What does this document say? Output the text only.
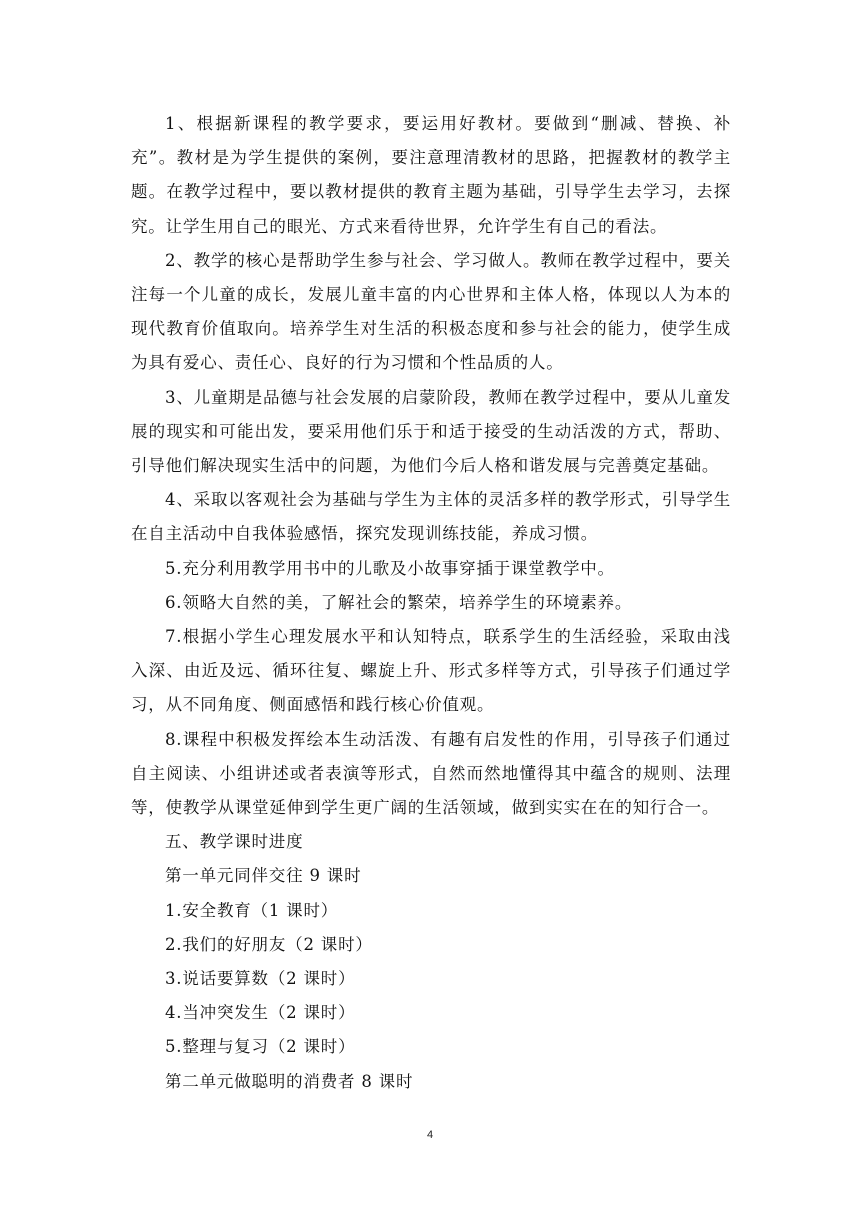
1、根据新课程的教学要求，要运用好教材。要做到“删减、替换、补充”。教材是为学生提供的案例，要注意理清教材的思路，把握教材的教学主题。在教学过程中，要以教材提供的教育主题为基础，引导学生去学习，去探究。让学生用自己的眼光、方式来看待世界，允许学生有自己的看法。

2、教学的核心是帮助学生参与社会、学习做人。教师在教学过程中，要关注每一个儿童的成长，发展儿童丰富的内心世界和主体人格，体现以人为本的现代教育价值取向。培养学生对生活的积极态度和参与社会的能力，使学生成为具有爱心、责任心、良好的行为习惯和个性品质的人。

3、儿童期是品德与社会发展的启蒙阶段，教师在教学过程中，要从儿童发展的现实和可能出发，要采用他们乐于和适于接受的生动活泼的方式，帮助、引导他们解决现实生活中的问题，为他们今后人格和谐发展与完善奠定基础。

4、采取以客观社会为基础与学生为主体的灵活多样的教学形式，引导学生在自主活动中自我体验感悟，探究发现训练技能，养成习惯。

5.充分利用教学用书中的儿歌及小故事穿插于课堂教学中。

6.领略大自然的美，了解社会的繁荣，培养学生的环境素养。

7.根据小学生心理发展水平和认知特点，联系学生的生活经验，采取由浅入深、由近及远、循环往复、螺旋上升、形式多样等方式，引导孩子们通过学习，从不同角度、侧面感悟和践行核心价值观。

8.课程中积极发挥绘本生动活泼、有趣有启发性的作用，引导孩子们通过自主阅读、小组讲述或者表演等形式，自然而然地懂得其中蕴含的规则、法理等，使教学从课堂延伸到学生更广阔的生活领域，做到实实在在的知行合一。

五、教学课时进度

第一单元同伴交往 9 课时

1.安全教育（1 课时）

2.我们的好朋友（2 课时）

3.说话要算数（2 课时）

4.当冲突发生（2 课时）

5.整理与复习（2 课时）

第二单元做聪明的消费者 8 课时

4
